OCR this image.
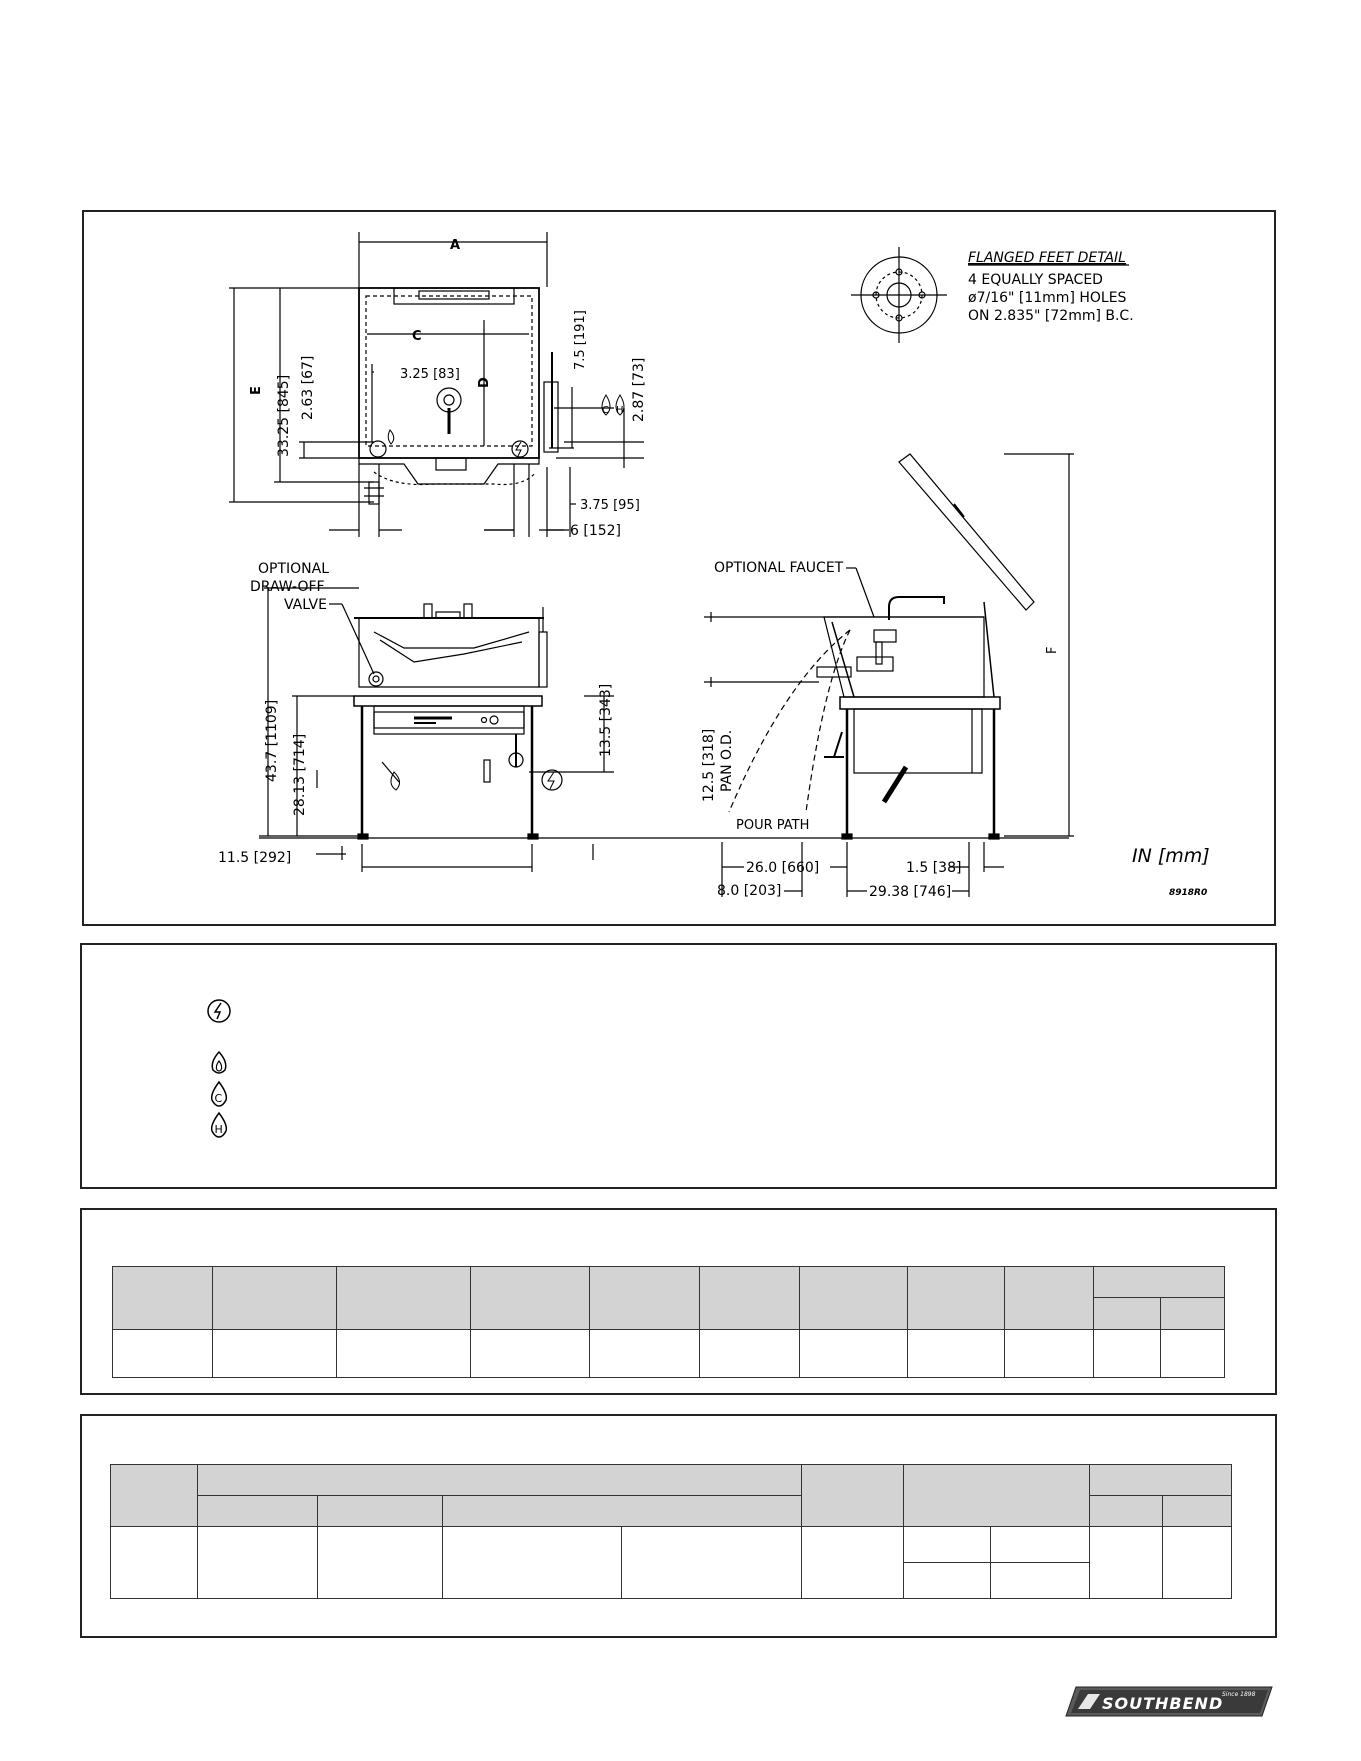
A
C
D
3.25 [83]
E 33.25 [845] 2.63 [67]
7.5 [191]
C H 2.87 [73]
3.75 [95]
6 [152]
FLANGED FEET DETAIL
4 EQUALLY SPACED
ø7/16" [11mm] HOLES
ON 2.835" [72mm] B.C.
OPTIONAL
DRAW-OFF
VALVE
43.7 [1109] 28.13 [714]
13.5 [343]
11.5 [292]
OPTIONAL FAUCET
POUR PATH
12.5 [318] PAN O.D.
F
26.0 [660]
8.0 [203]	29.38 [746]
1.5 [38]
IN [mm]
8918R0
C
H

SOUTHBEND
Since 1898
